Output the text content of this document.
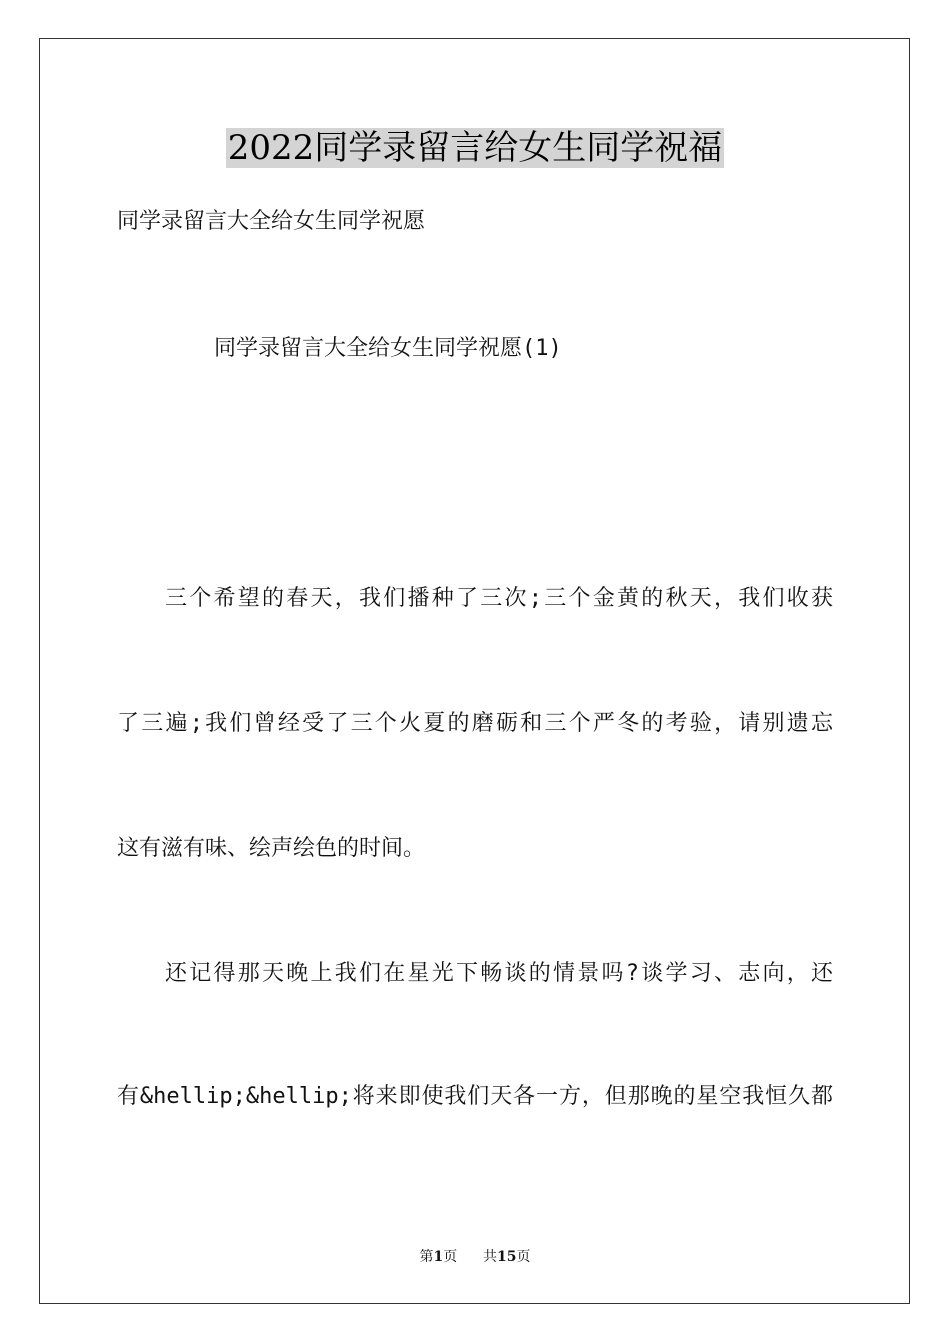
2022同学录留言给女生同学祝福
同学录留言大全给女生同学祝愿
同学录留言大全给女生同学祝愿(1)
三个希望的春天，我们播种了三次;三个金黄的秋天，我们收获
了三遍;我们曾经受了三个火夏的磨砺和三个严冬的考验，请别遗忘
这有滋有味、绘声绘色的时间。
还记得那天晚上我们在星光下畅谈的情景吗?谈学习、志向，还
有&hellip;&hellip;将来即使我们天各一方，但那晚的星空我恒久都
第1页 共15页
